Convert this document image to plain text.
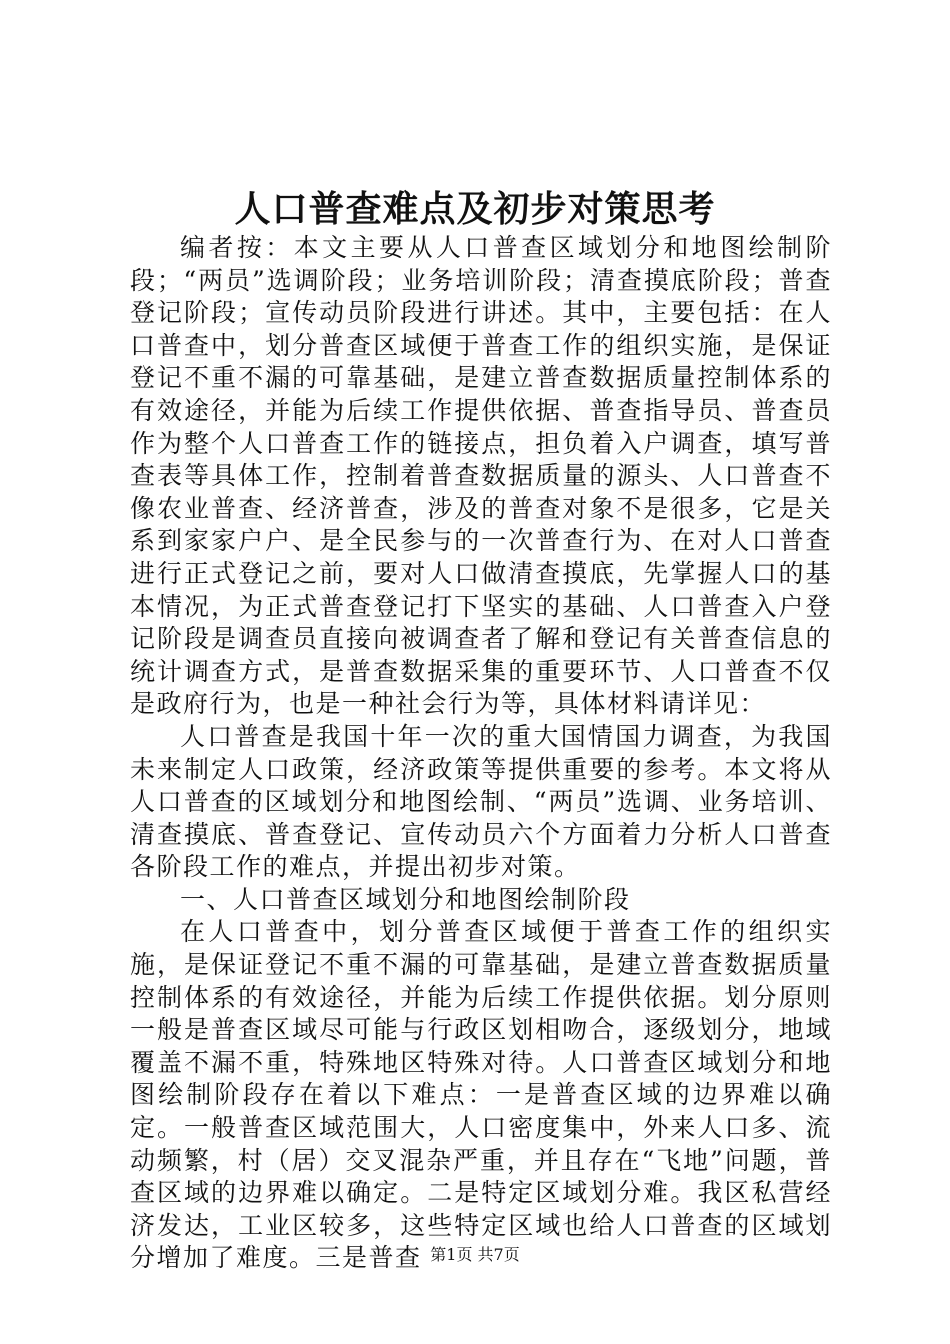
人口普查难点及初步对策思考

编者按：本文主要从人口普查区域划分和地图绘制阶段；“两员”选调阶段；业务培训阶段；清查摸底阶段；普查登记阶段；宣传动员阶段进行讲述。其中，主要包括：在人口普查中，划分普查区域便于普查工作的组织实施，是保证登记不重不漏的可靠基础，是建立普查数据质量控制体系的有效途径，并能为后续工作提供依据、普查指导员、普查员作为整个人口普查工作的链接点，担负着入户调查，填写普查表等具体工作，控制着普查数据质量的源头、人口普查不像农业普查、经济普查，涉及的普查对象不是很多，它是关系到家家户户、是全民参与的一次普查行为、在对人口普查进行正式登记之前，要对人口做清查摸底，先掌握人口的基本情况，为正式普查登记打下坚实的基础、人口普查入户登记阶段是调查员直接向被调查者了解和登记有关普查信息的统计调查方式，是普查数据采集的重要环节、人口普查不仅是政府行为，也是一种社会行为等，具体材料请详见：

人口普查是我国十年一次的重大国情国力调查，为我国未来制定人口政策，经济政策等提供重要的参考。本文将从人口普查的区域划分和地图绘制、“两员”选调、业务培训、清查摸底、普查登记、宣传动员六个方面着力分析人口普查各阶段工作的难点，并提出初步对策。

一、人口普查区域划分和地图绘制阶段

在人口普查中，划分普查区域便于普查工作的组织实施，是保证登记不重不漏的可靠基础，是建立普查数据质量控制体系的有效途径，并能为后续工作提供依据。划分原则一般是普查区域尽可能与行政区划相吻合，逐级划分，地域覆盖不漏不重，特殊地区特殊对待。人口普查区域划分和地图绘制阶段存在着以下难点：一是普查区域的边界难以确定。一般普查区域范围大，人口密度集中，外来人口多、流动频繁，村（居）交叉混杂严重，并且存在“飞地”问题，普查区域的边界难以确定。二是特定区域划分难。我区私营经济发达，工业区较多，这些特定区域也给人口普查的区域划分增加了难度。三是普查 第1页 共7页
